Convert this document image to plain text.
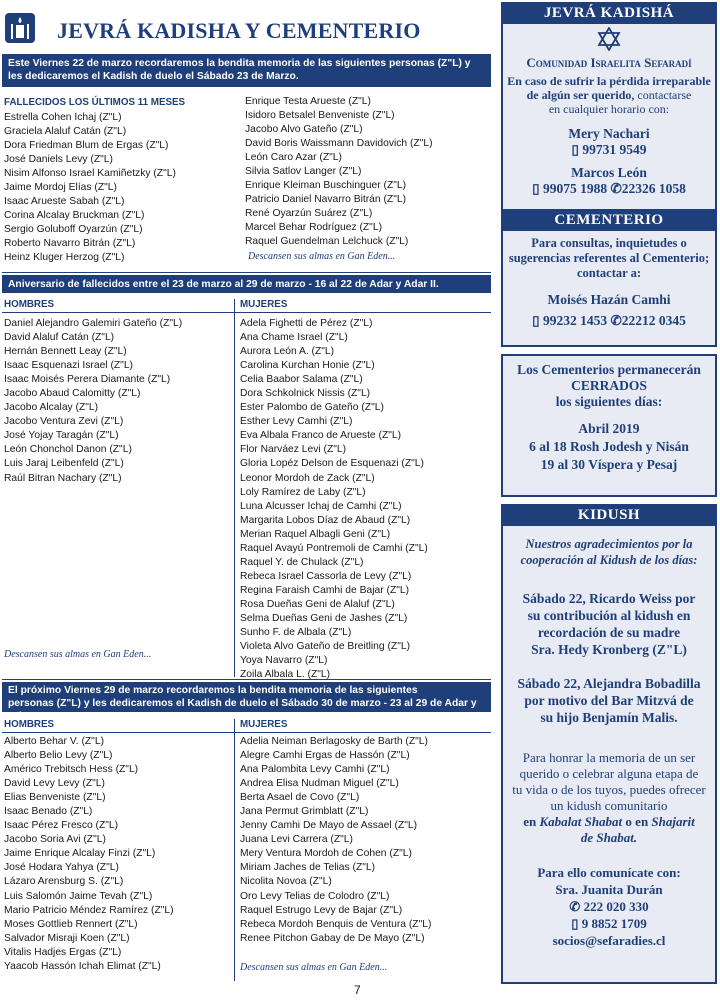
JEVRÁ KADISHA Y CEMENTERIO
Este Viernes 22 de marzo recordaremos la bendita memoria de las siguientes personas (Z"L) y les dedicaremos el Kadish de duelo el Sábado 23 de Marzo.
FALLECIDOS LOS ÚLTIMOS 11 MESES
Estrella Cohen Ichaj (Z"L)
Graciela Alaluf Catán (Z"L)
Dora Friedman Blum de Ergas (Z"L)
José Daniels Levy (Z"L)
Nisim Alfonso Israel Kamiñetzky (Z"L)
Jaime Mordoj Elías (Z"L)
Isaac Arueste Sabah (Z"L)
Corina Alcalay Bruckman (Z"L)
Sergio Goluboff Oyarzún (Z"L)
Roberto Navarro Bitrán (Z"L)
Heinz Kluger Herzog (Z"L)
Enrique Testa Arueste (Z"L)
Isidoro Betsalel Benveniste (Z"L)
Jacobo Alvo Gateño (Z"L)
David Boris Waissmann Davidovich (Z"L)
León Caro Azar (Z"L)
Silvia Satlov Langer (Z"L)
Enrique Kleiman Buschinguer (Z"L)
Patricio Daniel Navarro Bitrán (Z"L)
René Oyarzún Suárez (Z"L)
Marcel Behar Rodríguez (Z"L)
Raquel Guendelman Lelchuck (Z"L)
Descansen sus almas en Gan Eden...
Aniversario de fallecidos entre el 23 de marzo al 29 de marzo - 16 al 22 de Adar y Adar II.
HOMBRES	MUJERES
Daniel Alejandro Galemiri Gateño (Z"L)
David Alaluf Catán (Z"L)
Hernán Bennett Leay (Z"L)
Isaac Esquenazi Israel (Z"L)
Isaac Moisés Perera Diamante (Z"L)
Jacobo Abaud Calomitty (Z"L)
Jacobo Alcalay (Z"L)
Jacobo Ventura Zevi (Z"L)
José Yojay Taragán (Z"L)
León Chonchol Danon (Z"L)
Luis Jaraj Leibenfeld (Z"L)
Raúl Bitran Nachary (Z"L)
Adela Fighetti de Pérez (Z"L)
Ana Chame Israel (Z"L)
Aurora León A. (Z"L)
Carolina Kurchan Honie (Z"L)
Celia Baabor Salama (Z"L)
Dora Schkolnick Nissis (Z"L)
Ester Palombo de Gateño (Z"L)
Esther Levy Camhi (Z"L)
Eva Albala Franco de Arueste (Z"L)
Flor Narváez Levi (Z"L)
Gloria Lopéz Delson de Esquenazi (Z"L)
Leonor Mordoh de Zack (Z"L)
Loly Ramírez de Laby (Z"L)
Luna Alcusser Ichaj de Camhi (Z"L)
Margarita Lobos Díaz de Abaud (Z"L)
Merian Raquel Albagli Geni (Z"L)
Raquel Avayú Pontremoli de Camhi (Z"L)
Raquel Y. de Chulack (Z"L)
Rebeca Israel Cassorla de Levy (Z"L)
Regina Faraish Camhi de Bajar (Z"L)
Rosa Dueñas Geni de Alaluf (Z"L)
Selma Dueñas Geni de Jashes (Z"L)
Sunho F. de Albala (Z"L)
Violeta Alvo Gateño de Breitling (Z"L)
Yoya Navarro (Z"L)
Zoila Albala L. (Z"L)
Descansen sus almas en Gan Eden...
El próximo Viernes 29 de marzo recordaremos la bendita memoria de las siguientes
personas (Z"L) y les dedicaremos el Kadish de duelo el Sábado 30 de marzo - 23 al 29 de Adar y Adar II.
HOMBRES	MUJERES
Alberto Behar V. (Z"L)
Alberto Belio Levy (Z"L)
Américo Trebitsch Hess (Z"L)
David Levy Levy (Z"L)
Elias Benveniste (Z"L)
Isaac Benado (Z"L)
Isaac Pérez Fresco (Z"L)
Jacobo Soria Avi (Z"L)
Jaime Enrique Alcalay Finzi (Z"L)
José Hodara Yahya (Z"L)
Lázaro Arensburg S. (Z"L)
Luis Salomón Jaime Tevah (Z"L)
Mario Patricio Méndez Ramírez (Z"L)
Moses Gottlieb Rennert (Z"L)
Salvador Misraji Koen (Z"L)
Vitalis Hadjes Ergas (Z"L)
Yaacob Hassón Ichah Elimat (Z"L)
Adelia Neiman Berlagosky de Barth (Z"L)
Alegre Camhi Ergas de Hassón (Z"L)
Ana Palombita Levy Camhi (Z"L)
Andrea Elisa Nudman Miguel (Z"L)
Berta Asael de Covo (Z"L)
Jana Permut Grimblatt (Z"L)
Jenny Camhi De Mayo de Assael (Z"L)
Juana Levi Carrera (Z"L)
Mery Ventura Mordoh de Cohen (Z"L)
Miriam Jaches de Telias (Z"L)
Nicolita Novoa (Z"L)
Oro Levy Telias de Colodro (Z"L)
Raquel Estrugo Levy de Bajar (Z"L)
Rebeca Mordoh Benquis de Ventura (Z"L)
Renee Pitchon Gabay de De Mayo (Z"L)
Descansen sus almas en Gan Eden...
JEVRÁ KADISHÁ
Comunidad Israelita Sefaradí
En caso de sufrir la pérdida irreparable
de algún ser querido, contactarse
en cualquier horario con:
Mery Nachari
▯ 99731 9549
Marcos León
▯ 99075 1988 ✆22326 1058
CEMENTERIO
Para consultas, inquietudes o
sugerencias referentes al Cementerio;
contactar a:
Moisés Hazán Camhi
▯ 99232 1453 ✆22212 0345
Los Cementerios permanecerán
CERRADOS
los siguientes días:
Abril 2019
6 al 18 Rosh Jodesh y Nisán
19 al 30 Víspera y Pesaj
KIDUSH
Nuestros agradecimientos por la
cooperación al Kidush de los días:
Sábado 22, Ricardo Weiss por
su contribución al kidush en
recordación de su madre
Sra. Hedy Kronberg (Z"L)
Sábado 22, Alejandra Bobadilla
por motivo del Bar Mitzvá de
su hijo Benjamín Malis.
Para honrar la memoria de un ser
querido o celebrar alguna etapa de
tu vida o de los tuyos, puedes ofrecer
un kidush comunitario
en Kabalat Shabat o en Shajarit
de Shabat.
Para ello comunícate con:
Sra. Juanita Durán
✆ 222 020 330
▯ 9 8852 1709
socios@sefaradies.cl
7
